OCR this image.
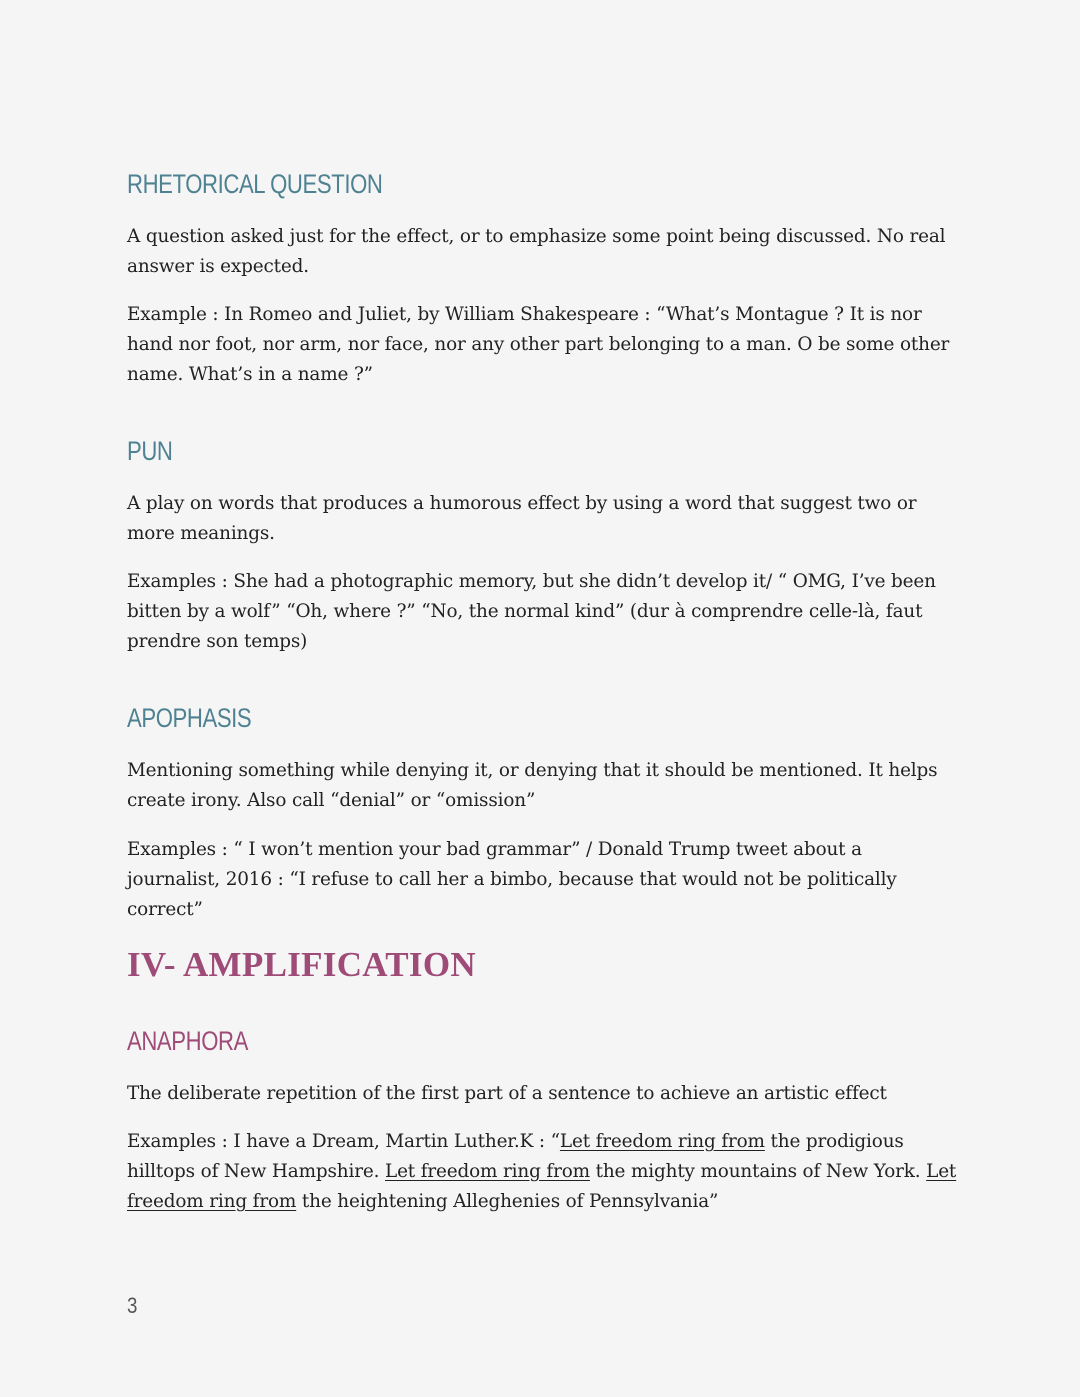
RHETORICAL QUESTION

A question asked just for the effect, or to emphasize some point being discussed. No real answer is expected.

Example : In Romeo and Juliet, by William Shakespeare : “What’s Montague ? It is nor hand nor foot, nor arm, nor face, nor any other part belonging to a man. O be some other name. What’s in a name ?”

PUN

A play on words that produces a humorous effect by using a word that suggest two or more meanings.

Examples : She had a photographic memory, but she didn’t develop it/ “ OMG, I’ve been bitten by a wolf” “Oh, where ?” “No, the normal kind” (dur à comprendre celle-là, faut prendre son temps)

APOPHASIS

Mentioning something while denying it, or denying that it should be mentioned. It helps create irony. Also call “denial” or “omission”

Examples : “ I won’t mention your bad grammar” / Donald Trump tweet about a journalist, 2016 : “I refuse to call her a bimbo, because that would not be politically correct”

IV- AMPLIFICATION
ANAPHORA

The deliberate repetition of the first part of a sentence to achieve an artistic effect

Examples : I have a Dream, Martin Luther.K : “Let freedom ring from the prodigious hilltops of New Hampshire. Let freedom ring from the mighty mountains of New York. Let freedom ring from the heightening Alleghenies of Pennsylvania”

3
